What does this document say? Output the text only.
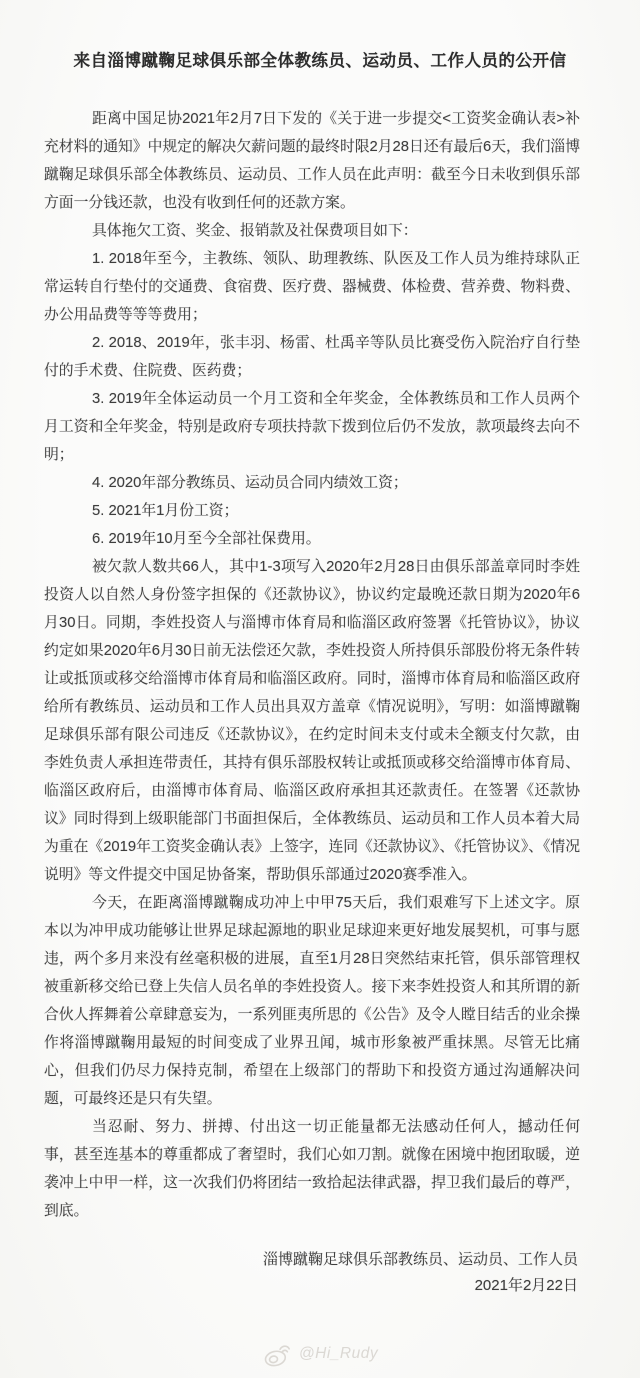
来自淄博蹴鞠足球俱乐部全体教练员、运动员、工作人员的公开信

距离中国足协2021年2月7日下发的《关于进一步提交<工资奖金确认表>补充材料的通知》中规定的解决欠薪问题的最终时限2月28日还有最后6天，我们淄博蹴鞠足球俱乐部全体教练员、运动员、工作人员在此声明：截至今日未收到俱乐部方面一分钱还款，也没有收到任何的还款方案。

具体拖欠工资、奖金、报销款及社保费项目如下：

1. 2018年至今，主教练、领队、助理教练、队医及工作人员为维持球队正常运转自行垫付的交通费、食宿费、医疗费、器械费、体检费、营养费、物料费、办公用品费等等等费用；

2. 2018、2019年，张丰羽、杨雷、杜禹辛等队员比赛受伤入院治疗自行垫付的手术费、住院费、医药费；

3. 2019年全体运动员一个月工资和全年奖金，全体教练员和工作人员两个月工资和全年奖金，特别是政府专项扶持款下拨到位后仍不发放，款项最终去向不明；

4. 2020年部分教练员、运动员合同内绩效工资；

5. 2021年1月份工资；

6. 2019年10月至今全部社保费用。

被欠款人数共66人，其中1-3项写入2020年2月28日由俱乐部盖章同时李姓投资人以自然人身份签字担保的《还款协议》，协议约定最晚还款日期为2020年6月30日。同期，李姓投资人与淄博市体育局和临淄区政府签署《托管协议》，协议约定如果2020年6月30日前无法偿还欠款，李姓投资人所持俱乐部股份将无条件转让或抵顶或移交给淄博市体育局和临淄区政府。同时，淄博市体育局和临淄区政府给所有教练员、运动员和工作人员出具双方盖章《情况说明》，写明：如淄博蹴鞠足球俱乐部有限公司违反《还款协议》，在约定时间未支付或未全额支付欠款，由李姓负责人承担连带责任，其持有俱乐部股权转让或抵顶或移交给淄博市体育局、临淄区政府后，由淄博市体育局、临淄区政府承担其还款责任。在签署《还款协议》同时得到上级职能部门书面担保后，全体教练员、运动员和工作人员本着大局为重在《2019年工资奖金确认表》上签字，连同《还款协议》、《托管协议》、《情况说明》等文件提交中国足协备案，帮助俱乐部通过2020赛季准入。

今天，在距离淄博蹴鞠成功冲上中甲75天后，我们艰难写下上述文字。原本以为冲甲成功能够让世界足球起源地的职业足球迎来更好地发展契机，可事与愿违，两个多月来没有丝毫积极的进展，直至1月28日突然结束托管，俱乐部管理权被重新移交给已登上失信人员名单的李姓投资人。接下来李姓投资人和其所谓的新合伙人挥舞着公章肆意妄为，一系列匪夷所思的《公告》及令人瞠目结舌的业余操作将淄博蹴鞠用最短的时间变成了业界丑闻，城市形象被严重抹黑。尽管无比痛心，但我们仍尽力保持克制，希望在上级部门的帮助下和投资方通过沟通解决问题，可最终还是只有失望。

当忍耐、努力、拼搏、付出这一切正能量都无法感动任何人，撼动任何事，甚至连基本的尊重都成了奢望时，我们心如刀割。就像在困境中抱团取暖，逆袭冲上中甲一样，这一次我们仍将团结一致拾起法律武器，捍卫我们最后的尊严，到底。

淄博蹴鞠足球俱乐部教练员、运动员、工作人员
2021年2月22日
@Hi_Rudy
